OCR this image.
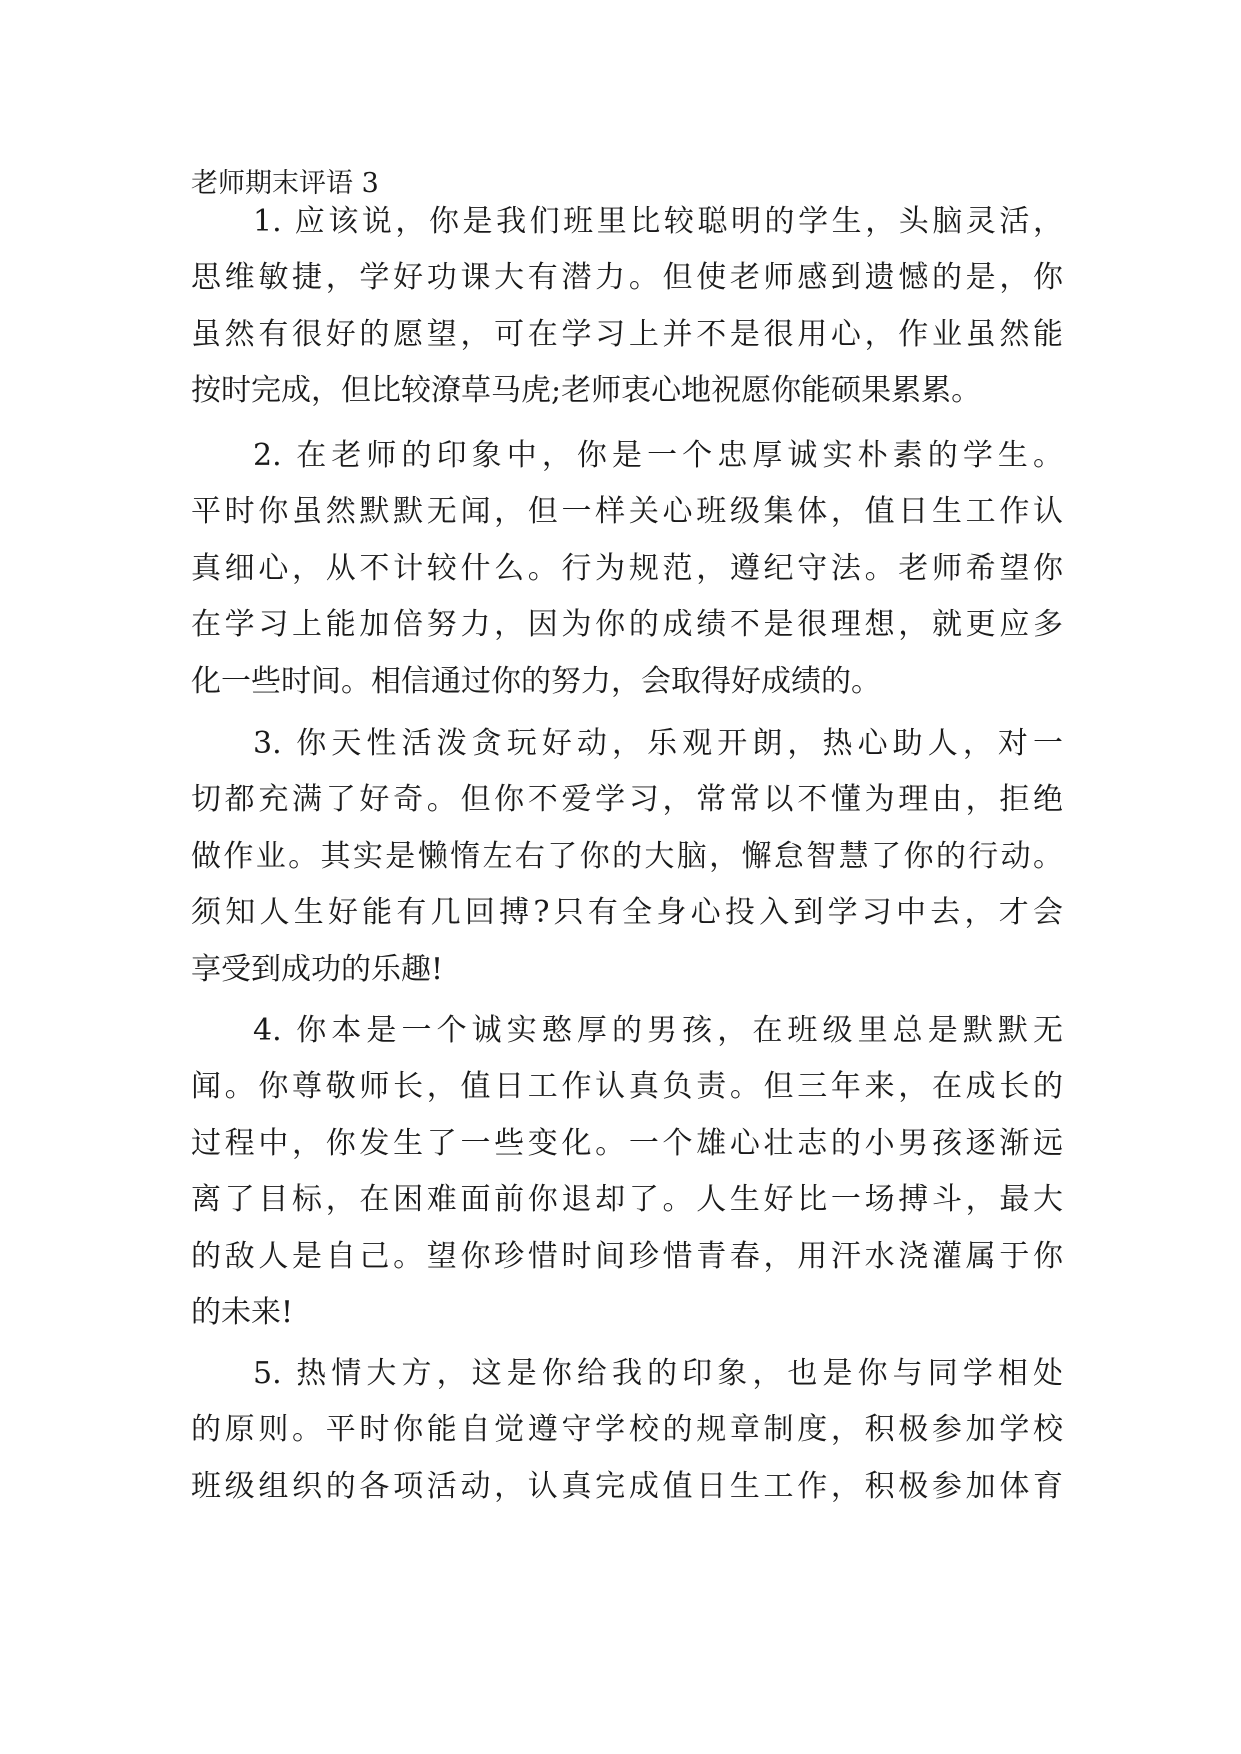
老师期末评语 3

1. 应该说，你是我们班里比较聪明的学生，头脑灵活，
思维敏捷，学好功课大有潜力。但使老师感到遗憾的是，你
虽然有很好的愿望，可在学习上并不是很用心，作业虽然能
按时完成，但比较潦草马虎;老师衷心地祝愿你能硕果累累。

2. 在老师的印象中，你是一个忠厚诚实朴素的学生。
平时你虽然默默无闻，但一样关心班级集体，值日生工作认
真细心，从不计较什么。行为规范，遵纪守法。老师希望你
在学习上能加倍努力，因为你的成绩不是很理想，就更应多
化一些时间。相信通过你的努力，会取得好成绩的。

3. 你天性活泼贪玩好动，乐观开朗，热心助人，对一
切都充满了好奇。但你不爱学习，常常以不懂为理由，拒绝
做作业。其实是懒惰左右了你的大脑，懈怠智慧了你的行动。
须知人生好能有几回搏?只有全身心投入到学习中去，才会
享受到成功的乐趣!

4. 你本是一个诚实憨厚的男孩，在班级里总是默默无
闻。你尊敬师长，值日工作认真负责。但三年来，在成长的
过程中，你发生了一些变化。一个雄心壮志的小男孩逐渐远
离了目标，在困难面前你退却了。人生好比一场搏斗，最大
的敌人是自己。望你珍惜时间珍惜青春，用汗水浇灌属于你
的未来!

5. 热情大方，这是你给我的印象，也是你与同学相处
的原则。平时你能自觉遵守学校的规章制度，积极参加学校
班级组织的各项活动，认真完成值日生工作，积极参加体育
